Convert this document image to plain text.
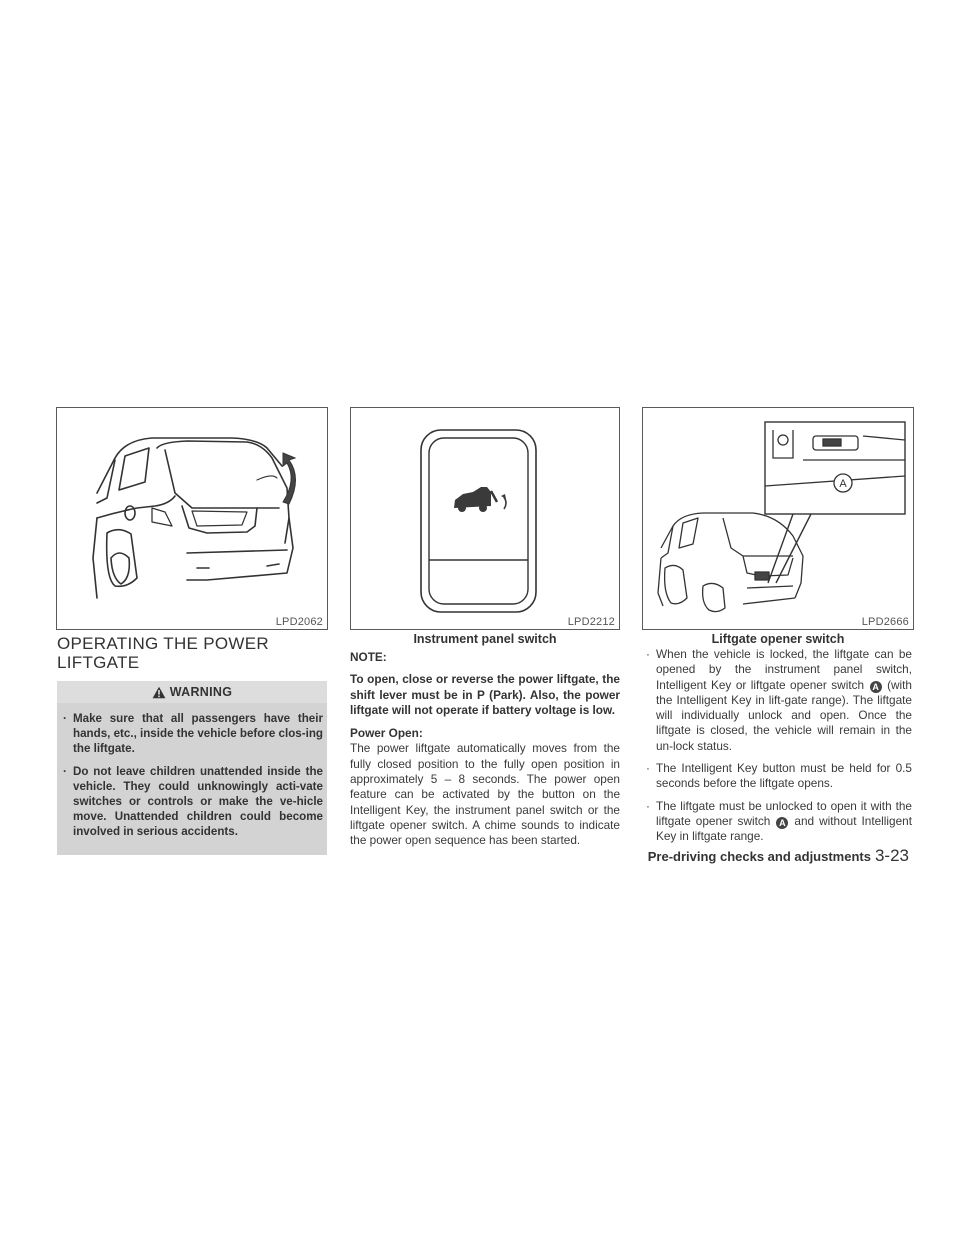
LPD2062	LPD2212
Instrument panel switch
A
LPD2666
Liftgate opener switch
OPERATING THE POWER
LIFTGATE
WARNING
· Make sure that all passengers have their hands, etc., inside the vehicle before clos-ing the liftgate.
· Do not leave children unattended inside the vehicle. They could unknowingly acti-vate switches or controls or make the ve-hicle move. Unattended children could become involved in serious accidents.
NOTE:
To open, close or reverse the power liftgate, the shift lever must be in P (Park). Also, the power liftgate will not operate if battery voltage is low.
Power Open:
The power liftgate automatically moves from the fully closed position to the fully open position in approximately 5 – 8 seconds. The power open feature can be activated by the button on the Intelligent Key, the instrument panel switch or the liftgate opener switch. A chime sounds to indicate the power open sequence has been started.
· When the vehicle is locked, the liftgate can be opened by the instrument panel switch, Intelligent Key or liftgate opener switch A (with the Intelligent Key in lift-gate range). The liftgate will individually unlock and open. Once the liftgate is closed, the vehicle will remain in the un-lock status.
· The Intelligent Key button must be held for 0.5 seconds before the liftgate opens.
· The liftgate must be unlocked to open it with the liftgate opener switch A and without Intelligent Key in liftgate range.
Pre-driving checks and adjustments 3-23
